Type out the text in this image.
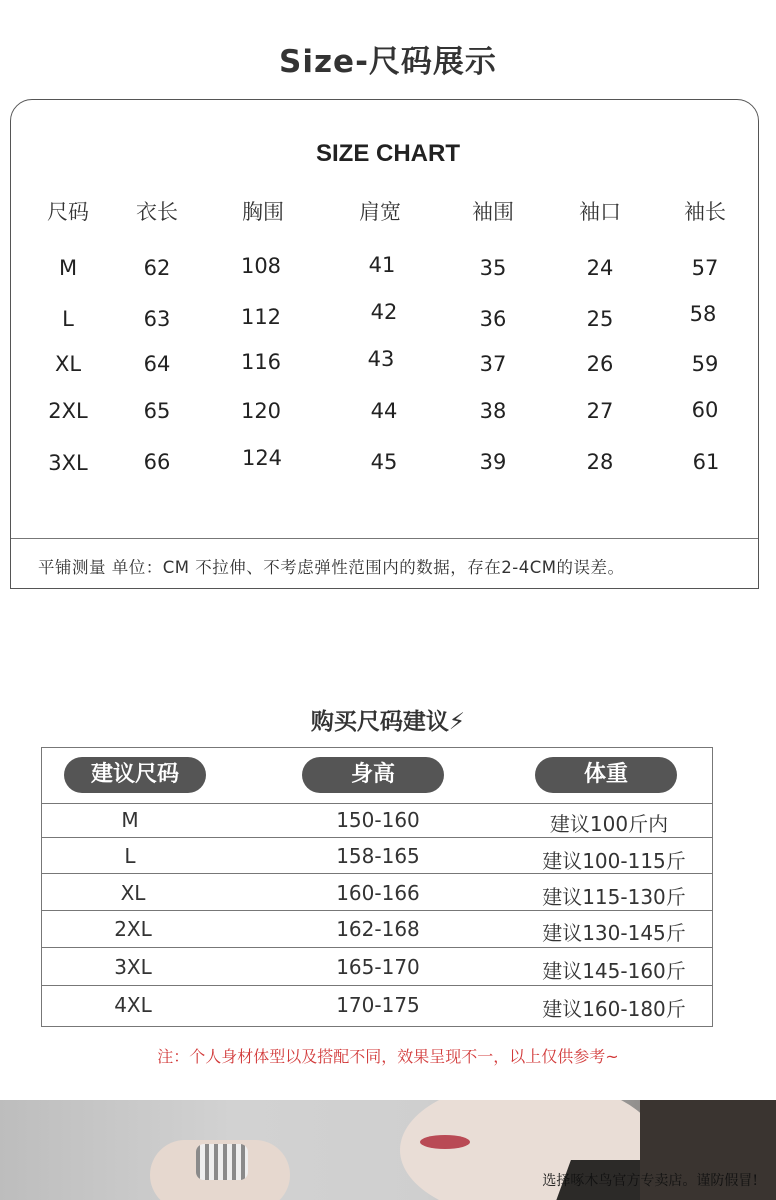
Size-尺码展示
SIZE CHART
尺码 衣长	胸围	肩宽	袖围	袖口	袖长
M	62	108	41	35	24	57
L	63	112	42	36	25	58
XL	64	116	43	37	26	59
2XL	65	120	44	38	27	60
3XL	66	124	45	39	28	61
平铺测量 单位：CM 不拉伸、不考虑弹性范围内的数据，存在2-4CM的误差。
购买尺码建议⚡
建议尺码	身高	体重
M	150-160	建议100斤内
L	158-165	建议100-115斤
XL	160-166	建议115-130斤
2XL	162-168	建议130-145斤
3XL	165-170	建议145-160斤
4XL	170-175	建议160-180斤
注：个人身材体型以及搭配不同，效果呈现不一，以上仅供参考~
选择啄木鸟官方专卖店。谨防假冒!
